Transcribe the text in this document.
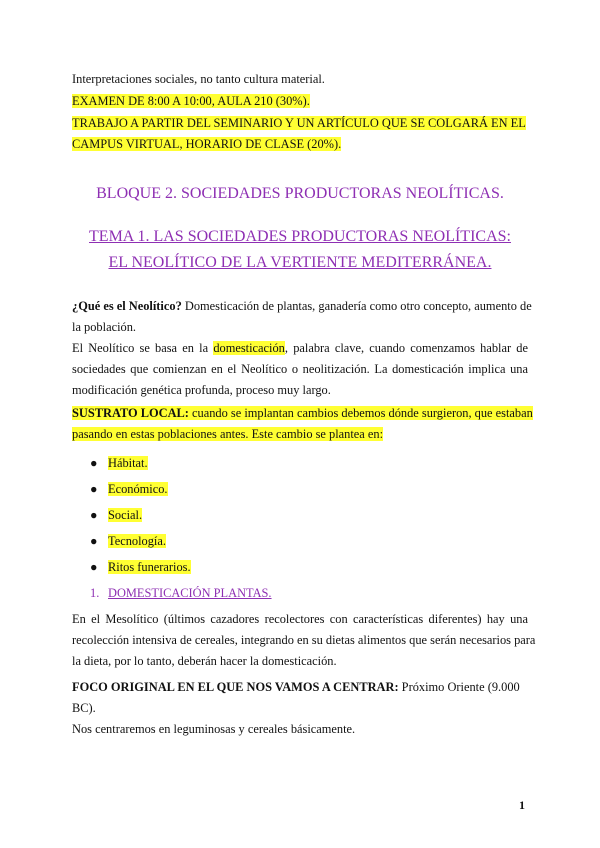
Interpretaciones sociales, no tanto cultura material.
EXAMEN DE 8:00 A 10:00, AULA 210 (30%).
TRABAJO A PARTIR DEL SEMINARIO Y UN ARTÍCULO QUE SE COLGARÁ EN EL
CAMPUS VIRTUAL, HORARIO DE CLASE (20%).
BLOQUE 2. SOCIEDADES PRODUCTORAS NEOLÍTICAS.
TEMA 1. LAS SOCIEDADES PRODUCTORAS NEOLÍTICAS:
EL NEOLÍTICO DE LA VERTIENTE MEDITERRÁNEA.
¿Qué es el Neolítico? Domesticación de plantas, ganadería como otro concepto, aumento de
la población.
El Neolítico se basa en la domesticación, palabra clave, cuando comenzamos hablar de
sociedades que comienzan en el Neolítico o neolitización. La domesticación implica una
modificación genética profunda, proceso muy largo.
SUSTRATO LOCAL: cuando se implantan cambios debemos dónde surgieron, que estaban
pasando en estas poblaciones antes. Este cambio se plantea en:
● Hábitat.
● Económico.
● Social.
● Tecnología.
● Ritos funerarios.
1. DOMESTICACIÓN PLANTAS.
En el Mesolítico (últimos cazadores recolectores con características diferentes) hay una
recolección intensiva de cereales, integrando en su dietas alimentos que serán necesarios para
la dieta, por lo tanto, deberán hacer la domesticación.
FOCO ORIGINAL EN EL QUE NOS VAMOS A CENTRAR: Próximo Oriente (9.000
BC).
Nos centraremos en leguminosas y cereales básicamente.
1
